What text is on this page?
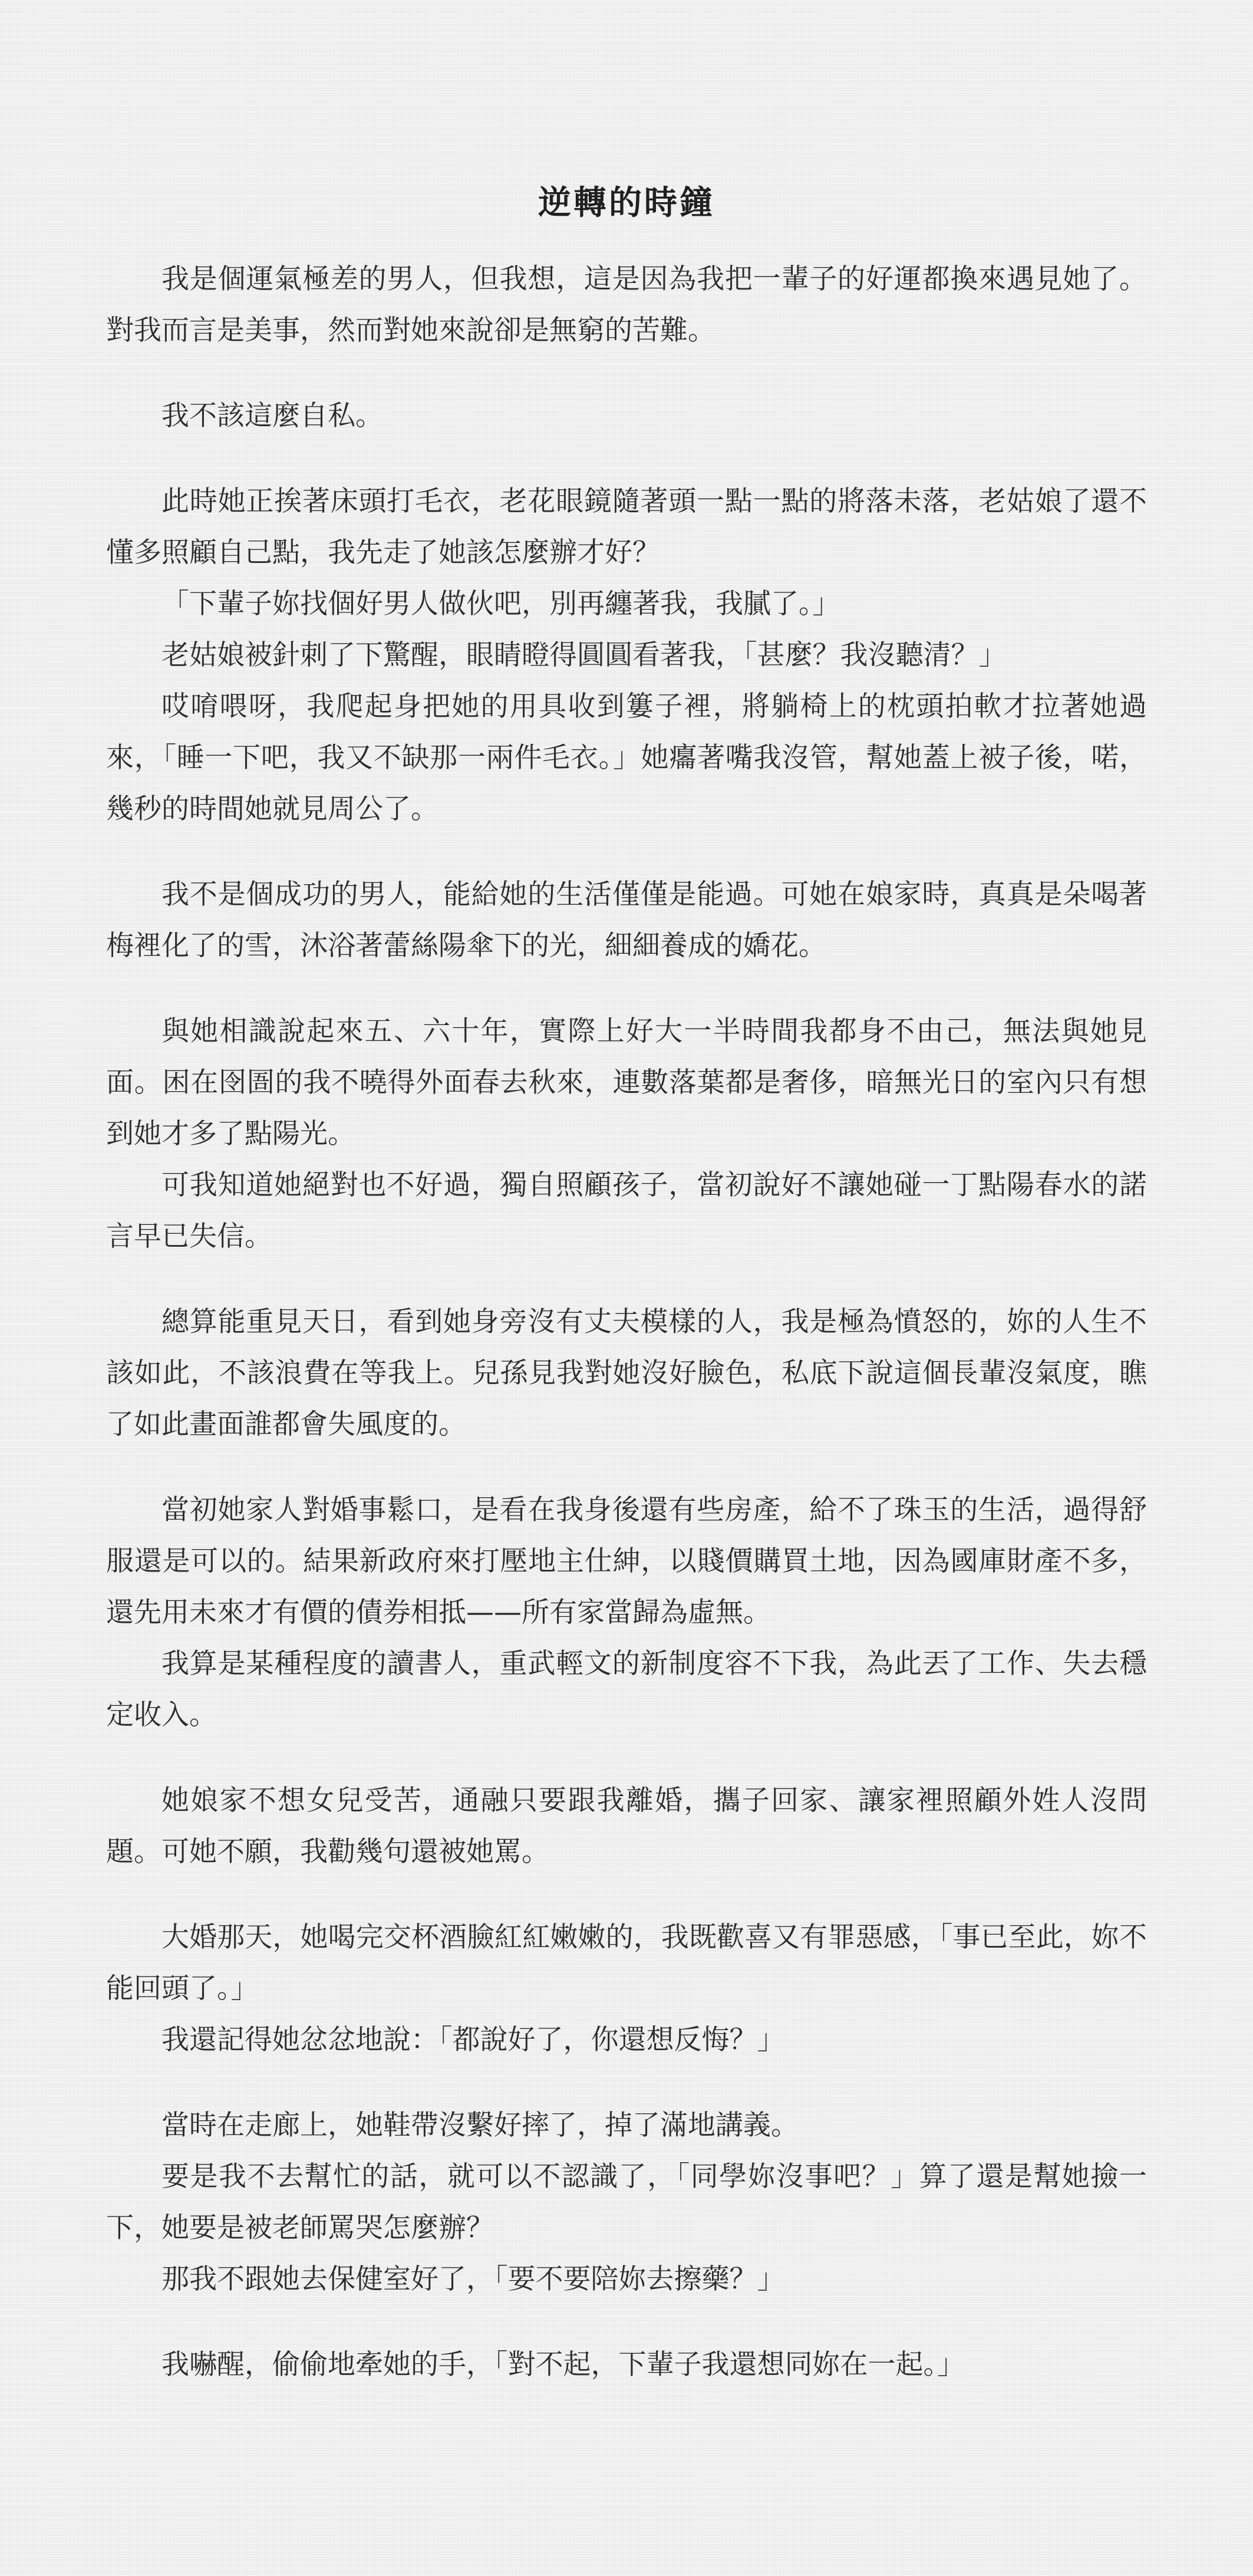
逆轉的時鐘

我是個運氣極差的男人，但我想，這是因為我把一輩子的好運都換來遇見她了。對我而言是美事，然而對她來說卻是無窮的苦難。

我不該這麼自私。

此時她正挨著床頭打毛衣，老花眼鏡隨著頭一點一點的將落未落，老姑娘了還不懂多照顧自己點，我先走了她該怎麼辦才好？

「下輩子妳找個好男人做伙吧，別再纏著我，我膩了。」

老姑娘被針刺了下驚醒，眼睛瞪得圓圓看著我，「甚麼？我沒聽清？」

哎唷喂呀，我爬起身把她的用具收到簍子裡，將躺椅上的枕頭拍軟才拉著她過來，「睡一下吧，我又不缺那一兩件毛衣。」她癟著嘴我沒管，幫她蓋上被子後，喏，幾秒的時間她就見周公了。

我不是個成功的男人，能給她的生活僅僅是能過。可她在娘家時，真真是朵喝著梅裡化了的雪，沐浴著蕾絲陽傘下的光，細細養成的嬌花。

與她相識說起來五、六十年，實際上好大一半時間我都身不由己，無法與她見面。困在囹圄的我不曉得外面春去秋來，連數落葉都是奢侈，暗無光日的室內只有想到她才多了點陽光。

可我知道她絕對也不好過，獨自照顧孩子，當初說好不讓她碰一丁點陽春水的諾言早已失信。

總算能重見天日，看到她身旁沒有丈夫模樣的人，我是極為憤怒的，妳的人生不該如此，不該浪費在等我上。兒孫見我對她沒好臉色，私底下說這個長輩沒氣度，瞧了如此畫面誰都會失風度的。

當初她家人對婚事鬆口，是看在我身後還有些房產，給不了珠玉的生活，過得舒服還是可以的。結果新政府來打壓地主仕紳，以賤價購買土地，因為國庫財產不多，還先用未來才有價的債券相抵——所有家當歸為虛無。

我算是某種程度的讀書人，重武輕文的新制度容不下我，為此丟了工作、失去穩定收入。

她娘家不想女兒受苦，通融只要跟我離婚，攜子回家、讓家裡照顧外姓人沒問題。可她不願，我勸幾句還被她罵。

大婚那天，她喝完交杯酒臉紅紅嫩嫩的，我既歡喜又有罪惡感，「事已至此，妳不能回頭了。」

我還記得她忿忿地說：「都說好了，你還想反悔？」

當時在走廊上，她鞋帶沒繫好摔了，掉了滿地講義。

要是我不去幫忙的話，就可以不認識了，「同學妳沒事吧？」算了還是幫她撿一下，她要是被老師罵哭怎麼辦？

那我不跟她去保健室好了，「要不要陪妳去擦藥？」

我嚇醒，偷偷地牽她的手，「對不起，下輩子我還想同妳在一起。」
